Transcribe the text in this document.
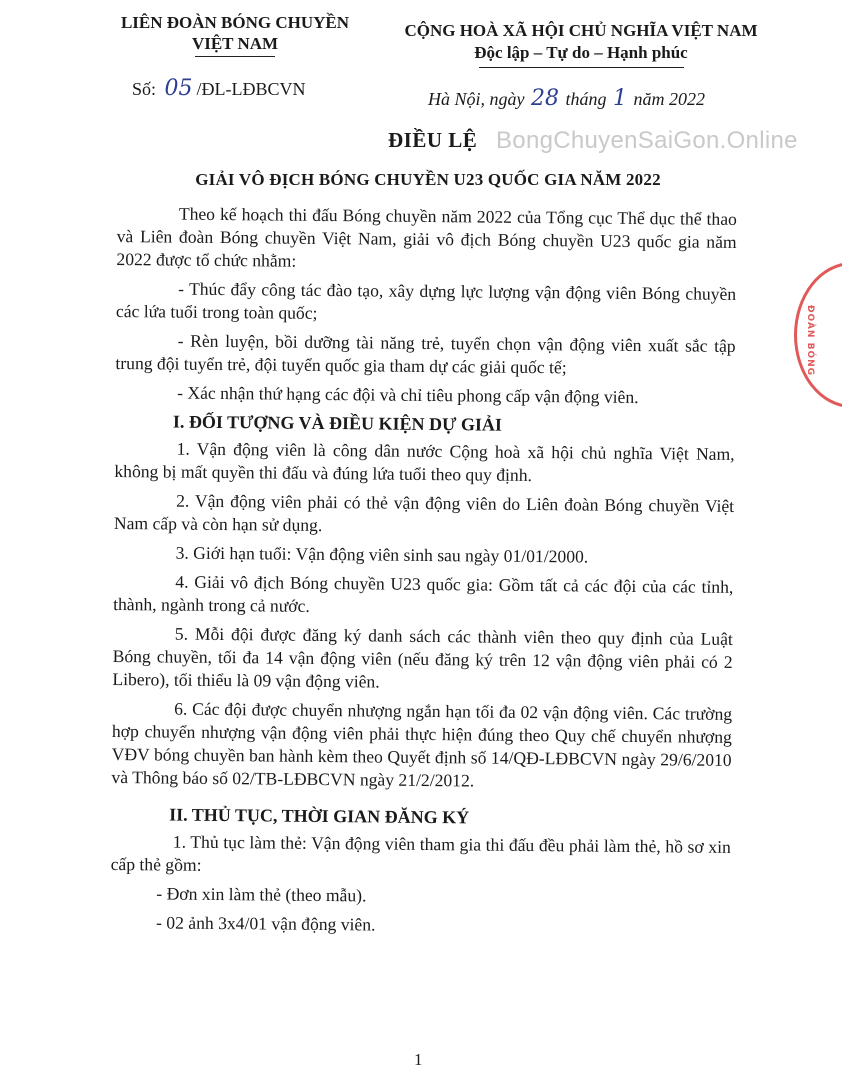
LIÊN ĐOÀN BÓNG CHUYỀN
VIỆT NAM
CỘNG HOÀ XÃ HỘI CHỦ NGHĨA VIỆT NAM
Độc lập – Tự do – Hạnh phúc
Số: 05 /ĐL-LĐBCVN	Hà Nội, ngày 28 tháng 1 năm 2022
ĐIỀU LỆ BongChuyenSaiGon.Online
GIẢI VÔ ĐỊCH BÓNG CHUYỀN U23 QUỐC GIA NĂM 2022

Theo kế hoạch thi đấu Bóng chuyền năm 2022 của Tổng cục Thể dục thể thao và Liên đoàn Bóng chuyền Việt Nam, giải vô địch Bóng chuyền U23 quốc gia năm 2022 được tổ chức nhằm:

- Thúc đẩy công tác đào tạo, xây dựng lực lượng vận động viên Bóng chuyền các lứa tuổi trong toàn quốc;

- Rèn luyện, bồi dưỡng tài năng trẻ, tuyển chọn vận động viên xuất sắc tập trung đội tuyển trẻ, đội tuyển quốc gia tham dự các giải quốc tế;

- Xác nhận thứ hạng các đội và chỉ tiêu phong cấp vận động viên.

I. ĐỐI TƯỢNG VÀ ĐIỀU KIỆN DỰ GIẢI

1. Vận động viên là công dân nước Cộng hoà xã hội chủ nghĩa Việt Nam, không bị mất quyền thi đấu và đúng lứa tuổi theo quy định.

2. Vận động viên phải có thẻ vận động viên do Liên đoàn Bóng chuyền Việt Nam cấp và còn hạn sử dụng.

3. Giới hạn tuổi: Vận động viên sinh sau ngày 01/01/2000.

4. Giải vô địch Bóng chuyền U23 quốc gia: Gồm tất cả các đội của các tỉnh, thành, ngành trong cả nước.

5. Mỗi đội được đăng ký danh sách các thành viên theo quy định của Luật Bóng chuyền, tối đa 14 vận động viên (nếu đăng ký trên 12 vận động viên phải có 2 Libero), tối thiểu là 09 vận động viên.

6. Các đội được chuyển nhượng ngắn hạn tối đa 02 vận động viên. Các trường hợp chuyển nhượng vận động viên phải thực hiện đúng theo Quy chế chuyển nhượng VĐV bóng chuyền ban hành kèm theo Quyết định số 14/QĐ-LĐBCVN ngày 29/6/2010 và Thông báo số 02/TB-LĐBCVN ngày 21/2/2012.

II. THỦ TỤC, THỜI GIAN ĐĂNG KÝ

1. Thủ tục làm thẻ: Vận động viên tham gia thi đấu đều phải làm thẻ, hồ sơ xin cấp thẻ gồm:

- Đơn xin làm thẻ (theo mẫu).

- 02 ảnh 3x4/01 vận động viên.

1
ĐOÀN BÓNG
